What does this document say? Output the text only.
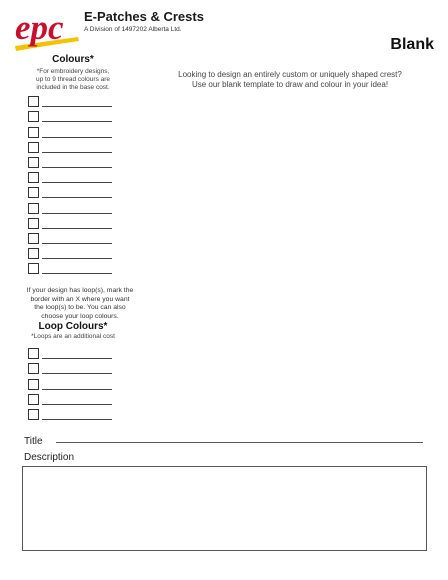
epc E-Patches & Crests
A Division of 1497202 Alberta Ltd.
Blank
Looking to design an entirely custom or uniquely shaped crest?
Use our blank template to draw and colour in your idea!
Colours*
*For embroidery designs,
up to 9 thread colours are
included in the base cost.
If your design has loop(s), mark the
border with an X where you want
the loop(s) to be. You can also
choose your loop colours.
Loop Colours*
*Loops are an additional cost
Title
Description
